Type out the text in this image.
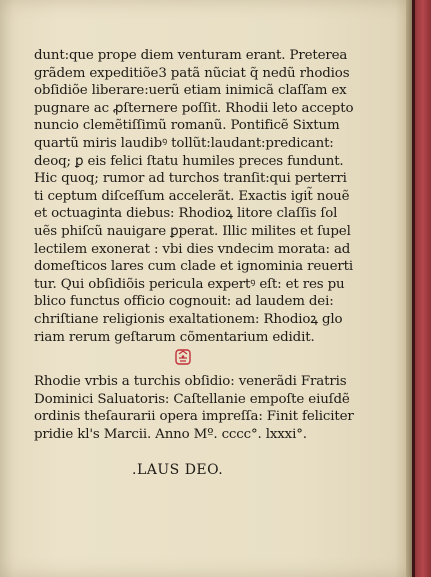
dunt:que prope diem venturam erant. Preterea
grãdem expeditiõe3 patã nũciat q̃ nedũ rhodios
obſidiõe liberare:uerũ etiam inimicã claſſam ex
pugnare ac ꝓſternere poſſit. Rhodii leto accepto
nuncio clemẽtiſſimũ romanũ. Pontificẽ Sixtum
quartũ miris laudibꝰ tollũt:laudant:predicant:
deoq; ꝑ eis felici ſtatu humiles preces fundunt.
Hic quoq; rumor ad turchos tranſit:qui perterri
ti ceptum diſceſſum accelerãt. Exactis igit̃ nouẽ
et octuaginta diebus: Rhodioꝝ litore claſſis ſol
uẽs phiſcũ nauigare ꝑperat. Illic milites et ſupel
lectilem exonerat : vbi dies vndecim morata: ad
domeſticos lares cum clade et ignominia reuerti
tur. Qui obſidiõis pericula expertꝰ eſt: et res pu
blico functus officio cognouit: ad laudem dei:
chriſtiane religionis exaltationem: Rhodioꝝ glo
riam rerum geſtarum cõmentarium edidit.
Rhodie vrbis a turchis obſidio: venerãdi Fratris
Dominici Saluatoris: Caſtellanie empoſte eiuſdẽ
ordinis theſaurarii opera impreſſa: Finit feliciter
pridie kl's Marcii. Anno Mº. cccc°. lxxxi°.
.LAUS DEO.
